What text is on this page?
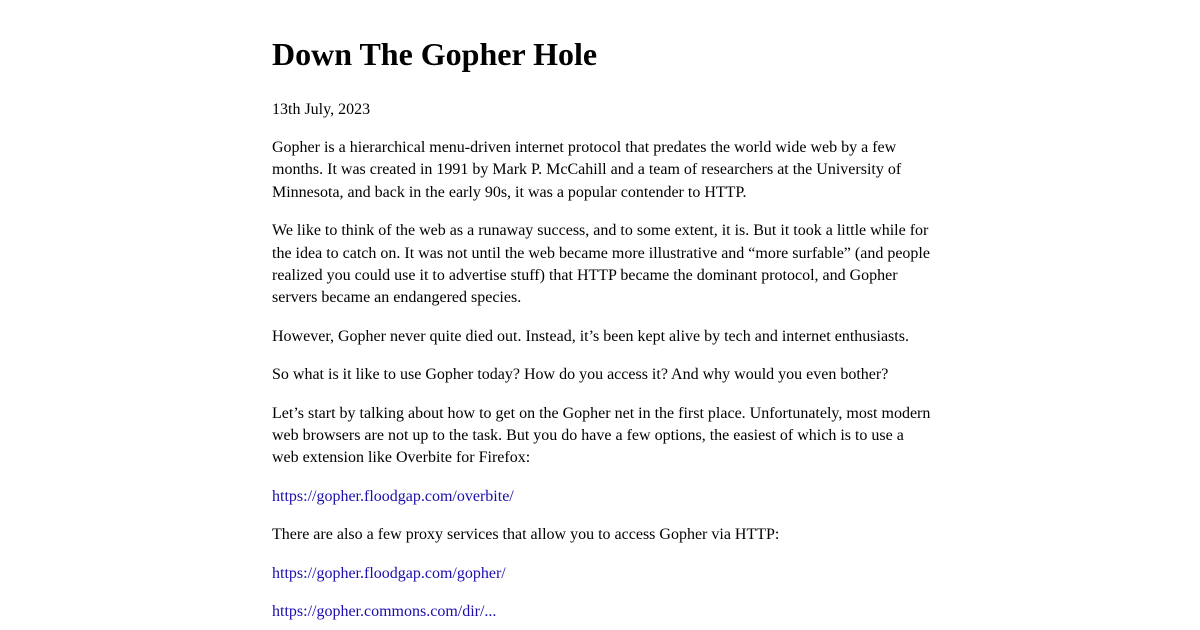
Down The Gopher Hole

13th July, 2023

Gopher is a hierarchical menu-driven internet protocol that predates the world wide web by a few months. It was created in 1991 by Mark P. McCahill and a team of researchers at the University of Minnesota, and back in the early 90s, it was a popular contender to HTTP.

We like to think of the web as a runaway success, and to some extent, it is. But it took a little while for the idea to catch on. It was not until the web became more illustrative and “more surfable” (and people realized you could use it to advertise stuff) that HTTP became the dominant protocol, and Gopher servers became an endangered species.

However, Gopher never quite died out. Instead, it’s been kept alive by tech and internet enthusiasts.

So what is it like to use Gopher today? How do you access it? And why would you even bother?

Let’s start by talking about how to get on the Gopher net in the first place. Unfortunately, most modern web browsers are not up to the task. But you do have a few options, the easiest of which is to use a web extension like Overbite for Firefox:

https://gopher.floodgap.com/overbite/

There are also a few proxy services that allow you to access Gopher via HTTP:

https://gopher.floodgap.com/gopher/

https://gopher.commons.com/dir/...
